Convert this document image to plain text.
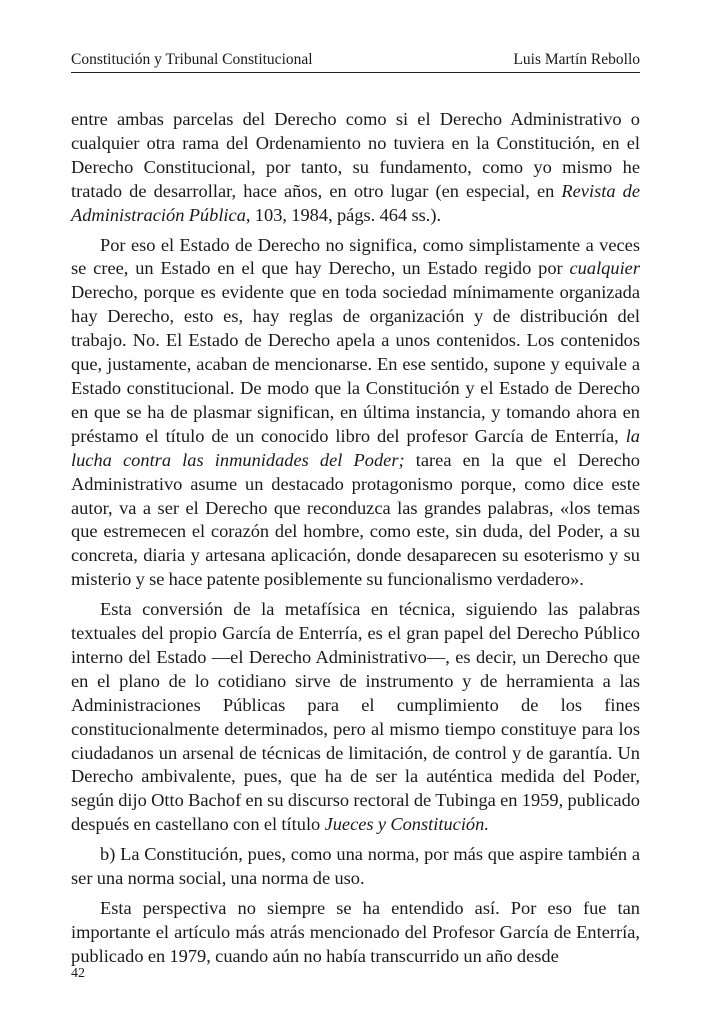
Constitución y Tribunal Constitucional	Luis Martín Rebollo

entre ambas parcelas del Derecho como si el Derecho Administrativo o cualquier otra rama del Ordenamiento no tuviera en la Constitución, en el Derecho Constitucional, por tanto, su fundamento, como yo mismo he tratado de desarrollar, hace años, en otro lugar (en especial, en Revista de Administración Pública, 103, 1984, págs. 464 ss.).

Por eso el Estado de Derecho no significa, como simplistamente a veces se cree, un Estado en el que hay Derecho, un Estado regido por cualquier Derecho, porque es evidente que en toda sociedad mínimamente organizada hay Derecho, esto es, hay reglas de organización y de distribución del trabajo. No. El Estado de Derecho apela a unos contenidos. Los contenidos que, justamente, acaban de mencionarse. En ese sentido, supone y equivale a Estado constitucional. De modo que la Constitución y el Estado de Derecho en que se ha de plasmar significan, en última instancia, y tomando ahora en préstamo el título de un conocido libro del profesor García de Enterría, la lucha contra las inmunidades del Poder; tarea en la que el Derecho Administrativo asume un destacado protagonismo porque, como dice este autor, va a ser el Derecho que reconduzca las grandes palabras, «los temas que estremecen el corazón del hombre, como este, sin duda, del Poder, a su concreta, diaria y artesana aplicación, donde desaparecen su esoterismo y su misterio y se hace patente posiblemente su funcionalismo verdadero».

Esta conversión de la metafísica en técnica, siguiendo las palabras textuales del propio García de Enterría, es el gran papel del Derecho Público interno del Estado —el Derecho Administrativo—, es decir, un Derecho que en el plano de lo cotidiano sirve de instrumento y de herramienta a las Administraciones Públicas para el cumplimiento de los fines constitucionalmente determinados, pero al mismo tiempo constituye para los ciudadanos un arsenal de técnicas de limitación, de control y de garantía. Un Derecho ambivalente, pues, que ha de ser la auténtica medida del Poder, según dijo Otto Bachof en su discurso rectoral de Tubinga en 1959, publicado después en castellano con el título Jueces y Constitución.

b) La Constitución, pues, como una norma, por más que aspire también a ser una norma social, una norma de uso.

Esta perspectiva no siempre se ha entendido así. Por eso fue tan importante el artículo más atrás mencionado del Profesor García de Enterría, publicado en 1979, cuando aún no había transcurrido un año desde

42
